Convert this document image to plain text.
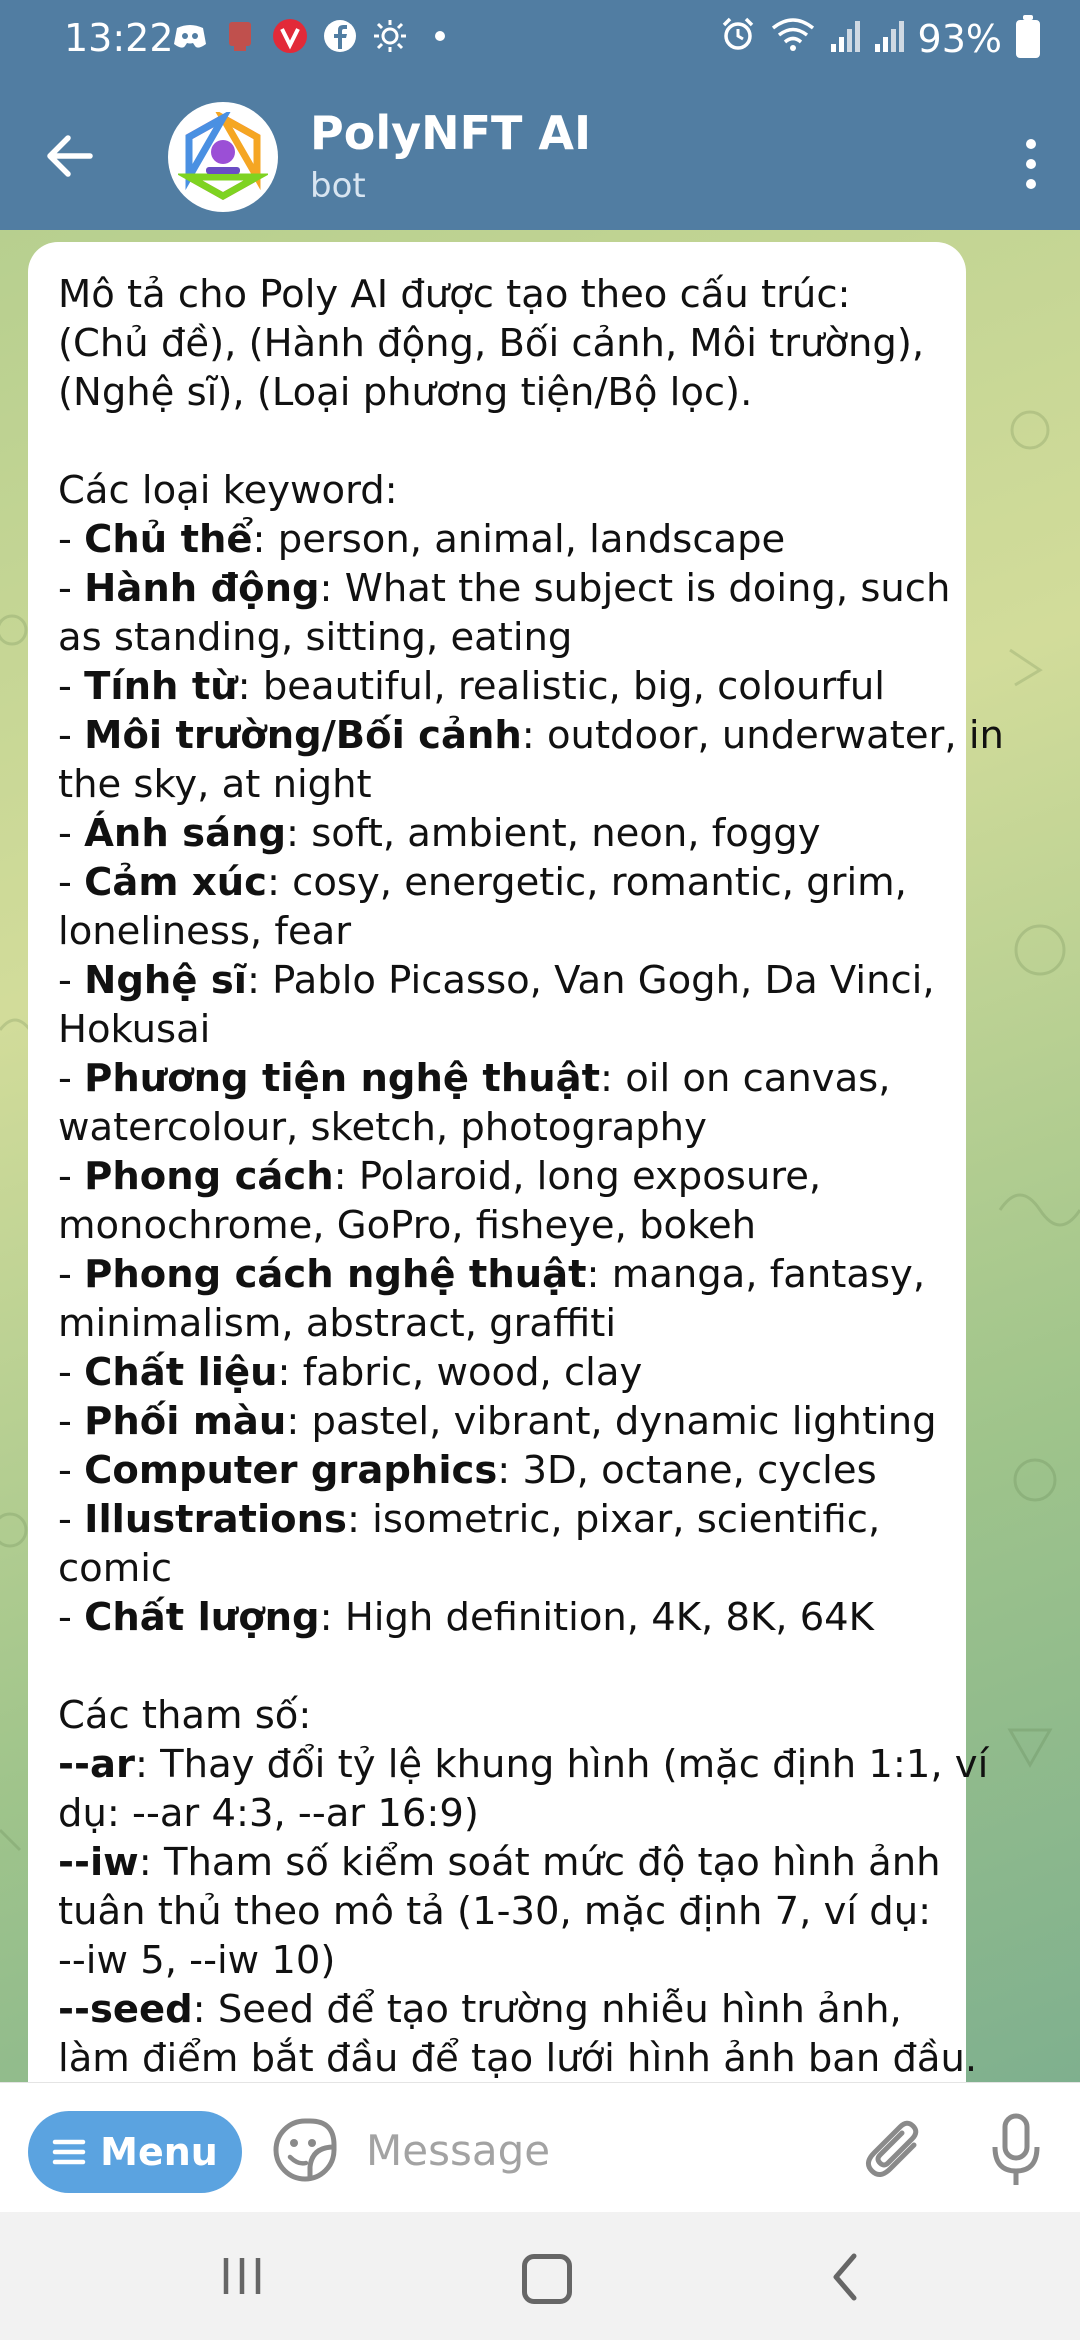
13:22	93%
PolyNFT AI
bot
Mô tả cho Poly AI được tạo theo cấu trúc:
(Chủ đề), (Hành động, Bối cảnh, Môi trường),
(Nghệ sĩ), (Loại phương tiện/Bộ lọc).

Các loại keyword:
- Chủ thể: person, animal, landscape
- Hành động: What the subject is doing, such
as standing, sitting, eating
- Tính từ: beautiful, realistic, big, colourful
- Môi trường/Bối cảnh: outdoor, underwater, in
the sky, at night
- Ánh sáng: soft, ambient, neon, foggy
- Cảm xúc: cosy, energetic, romantic, grim,
loneliness, fear
- Nghệ sĩ: Pablo Picasso, Van Gogh, Da Vinci,
Hokusai
- Phương tiện nghệ thuật: oil on canvas,
watercolour, sketch, photography
- Phong cách: Polaroid, long exposure,
monochrome, GoPro, fisheye, bokeh
- Phong cách nghệ thuật: manga, fantasy,
minimalism, abstract, graffiti
- Chất liệu: fabric, wood, clay
- Phối màu: pastel, vibrant, dynamic lighting
- Computer graphics: 3D, octane, cycles
- Illustrations: isometric, pixar, scientific,
comic
- Chất lượng: High definition, 4K, 8K, 64K

Các tham số:
--ar: Thay đổi tỷ lệ khung hình (mặc định 1:1, ví
dụ: --ar 4:3, --ar 16:9)
--iw: Tham số kiểm soát mức độ tạo hình ảnh
tuân thủ theo mô tả (1-30, mặc định 7, ví dụ:
--iw 5, --iw 10)
--seed: Seed để tạo trường nhiễu hình ảnh,
làm điểm bắt đầu để tạo lưới hình ảnh ban đầu.
Menu
Message
